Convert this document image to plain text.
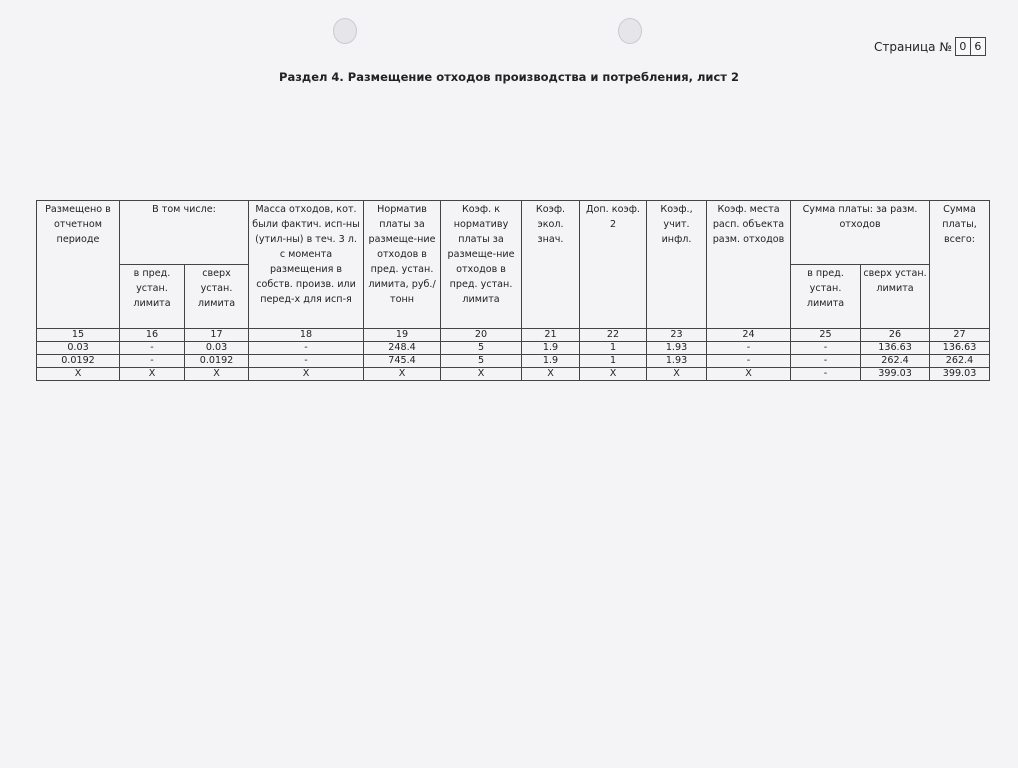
Страница № 0 6
Раздел 4. Размещение отходов производства и потребления, лист 2
Размещено в отчетном периоде	В том числе:		Масса отходов, кот. были фактич. исп-ны (утил-ны) в теч. 3 л. с момента размещения в собств. произв. или перед-х для исп-я	Норматив платы за размеще-ние отходов в пред. устан. лимита, руб./тонн	Коэф. к нормативу платы за размеще-ние отходов в пред. устан. лимита	Коэф. экол. знач.	Доп. коэф. 2	Коэф., учит. инфл.	Коэф. места расп. объекта разм. отходов	Сумма платы: за разм. отходов		Сумма платы, всего:
	в пред. устан. лимита	сверх устан. лимита								в пред. устан. лимита	сверх устан. лимита	
15	16	17	18	19	20	21	22	23	24	25	26	27
0.03	-	0.03	-	248.4	5	1.9	1	1.93	-	-	136.63	136.63
0.0192	-	0.0192	-	745.4	5	1.9	1	1.93	-	-	262.4	262.4
X	X	X	X	X	X	X	X	X	X	-	399.03	399.03
